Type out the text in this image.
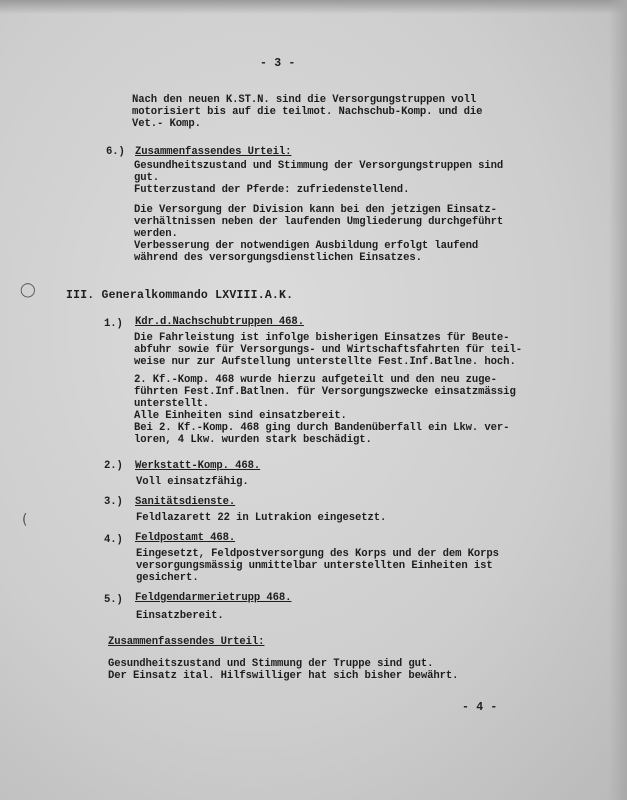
- 3 -
Nach den neuen K.ST.N. sind die Versorgungstruppen voll
motorisiert bis auf die teilmot. Nachschub-Komp. und die
Vet.- Komp.
6.) Zusammenfassendes Urteil:
Gesundheitszustand und Stimmung der Versorgungstruppen sind
gut.
Futterzustand der Pferde: zufriedenstellend.
Die Versorgung der Division kann bei den jetzigen Einsatz-
verhältnissen neben der laufenden Umgliederung durchgeführt
werden.
Verbesserung der notwendigen Ausbildung erfolgt laufend
während des versorgungsdienstlichen Einsatzes.
◯	III. Generalkommando LXVIII.A.K.
1.) Kdr.d.Nachschubtruppen 468.
Die Fahrleistung ist infolge bisherigen Einsatzes für Beute-
abfuhr sowie für Versorgungs- und Wirtschaftsfahrten für teil-
weise nur zur Aufstellung unterstellte Fest.Inf.Batlne. hoch.
2. Kf.-Komp. 468 wurde hierzu aufgeteilt und den neu zuge-
führten Fest.Inf.Batlnen. für Versorgungszwecke einsatzmässig
unterstellt.
Alle Einheiten sind einsatzbereit.
Bei 2. Kf.-Komp. 468 ging durch Bandenüberfall ein Lkw. ver-
loren, 4 Lkw. wurden stark beschädigt.
2.) Werkstatt-Komp. 468.
Voll einsatzfähig.
3.) Sanitätsdienste.
Feldlazarett 22 in Lutrakion eingesetzt.
(
4.) Feldpostamt 468.
Eingesetzt, Feldpostversorgung des Korps und der dem Korps
versorgungsmässig unmittelbar unterstellten Einheiten ist
gesichert.
5.) Feldgendarmerietrupp 468.
Einsatzbereit.
Zusammenfassendes Urteil:
Gesundheitszustand und Stimmung der Truppe sind gut.
Der Einsatz ital. Hilfswilliger hat sich bisher bewährt.
- 4 -
